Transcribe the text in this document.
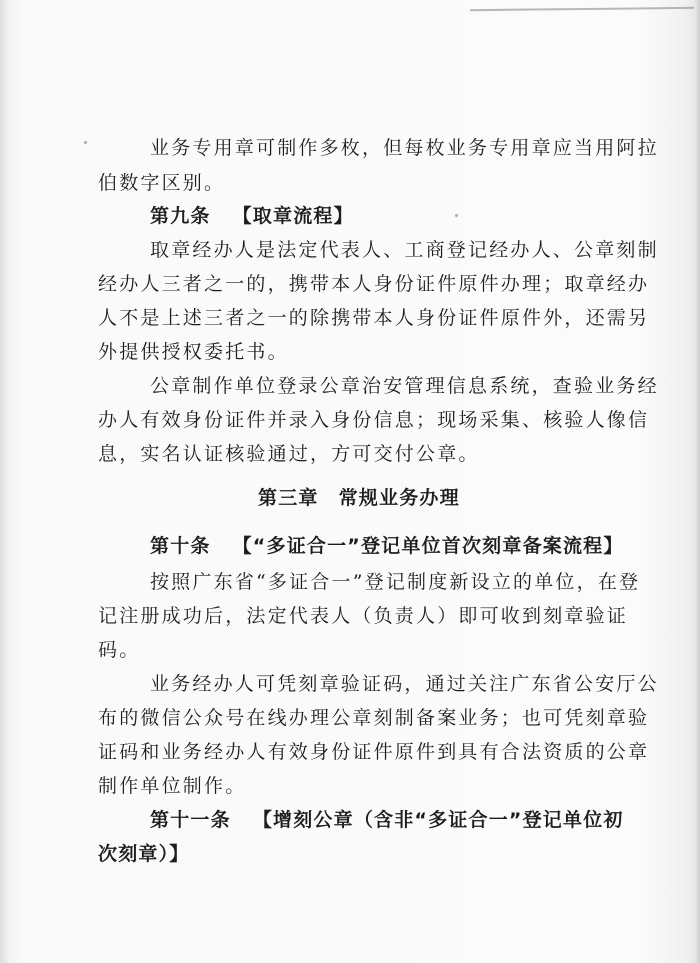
业务专用章可制作多枚，但每枚业务专用章应当用阿拉
伯数字区别。
第九条 【取章流程】
取章经办人是法定代表人、工商登记经办人、公章刻制
经办人三者之一的，携带本人身份证件原件办理；取章经办
人不是上述三者之一的除携带本人身份证件原件外，还需另
外提供授权委托书。
公章制作单位登录公章治安管理信息系统，查验业务经
办人有效身份证件并录入身份信息；现场采集、核验人像信
息，实名认证核验通过，方可交付公章。
第三章 常规业务办理
第十条 【“多证合一”登记单位首次刻章备案流程】
按照广东省“多证合一”登记制度新设立的单位，在登
记注册成功后，法定代表人（负责人）即可收到刻章验证
码。
业务经办人可凭刻章验证码，通过关注广东省公安厅公
布的微信公众号在线办理公章刻制备案业务；也可凭刻章验
证码和业务经办人有效身份证件原件到具有合法资质的公章
制作单位制作。
第十一条 【增刻公章（含非“多证合一”登记单位初
次刻章）】
